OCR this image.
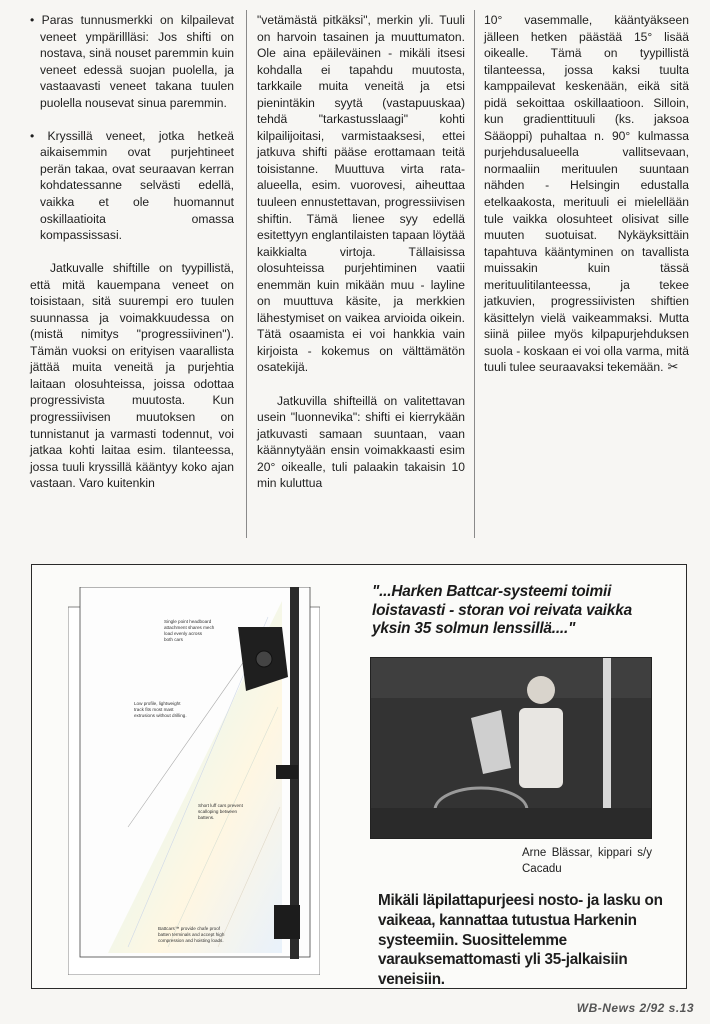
• Paras tunnusmerkki on kilpailevat veneet ympärillläsi: Jos shifti on nostava, sinä nouset paremmin kuin veneet edessä suojan puolella, ja vastaavasti veneet takana tuulen puolella nousevat sinua paremmin.

• Kryssillä veneet, jotka hetkeä aikaisemmin ovat purjehtineet perän takaa, ovat seuraavan kerran kohdatessanne selvästi edellä, vaikka et ole huomannut oskillaatioita omassa kompassissasi.

Jatkuvalle shiftille on tyypillistä, että mitä kauempana veneet on toisistaan, sitä suurempi ero tuulen suunnassa ja voimakkuudessa on (mistä nimitys "progressiivinen"). Tämän vuoksi on erityisen vaarallista jättää muita veneitä ja purjehtia laitaan olosuhteissa, joissa odottaa progressivista muutosta. Kun progressiivisen muutoksen on tunnistanut ja varmasti todennut, voi jatkaa kohti laitaa esim. tilanteessa, jossa tuuli kryssillä kääntyy koko ajan vastaan. Varo kuitenkin

"vetämästä pitkäksi", merkin yli. Tuuli on harvoin tasainen ja muuttumaton. Ole aina epäileväinen - mikäli itsesi kohdalla ei tapahdu muutosta, tarkkaile muita veneitä ja etsi pienintäkin syytä (vastapuuskaa) tehdä "tarkastusslaagi" kohti kilpailijoitasi, varmistaaksesi, ettei jatkuva shifti pääse erottamaan teitä toisistanne. Muuttuva virta rata-alueella, esim. vuorovesi, aiheuttaa tuuleen ennustettavan, progressiivisen shiftin. Tämä lienee syy edellä esitettyyn englantilaisten tapaan löytää kaikkialta virtoja. Tällaisissa olosuhteissa purjehtiminen vaatii enemmän kuin mikään muu - layline on muuttuva käsite, ja merkkien lähestymiset on vaikea arvioida oikein. Tätä osaamista ei voi hankkia vain kirjoista - kokemus on välttämätön osatekijä.

Jatkuvilla shifteillä on valitettavan usein "luonnevika": shifti ei kierrykään jatkuvasti samaan suuntaan, vaan käännytyään ensin voimakkaasti esim 20° oikealle, tuli palaakin takaisin 10 min kuluttua

10° vasemmalle, kääntyäkseen jälleen hetken päästää 15° lisää oikealle. Tämä on tyypillistä tilanteessa, jossa kaksi tuulta kamppailevat keskenään, eikä sitä pidä sekoittaa oskillaatioon. Silloin, kun gradienttituuli (ks. jaksoa Sääoppi) puhaltaa n. 90° kulmassa purjehdusalueella vallitsevaan, normaaliin merituulen suuntaan nähden - Helsingin edustalla etelkaakosta, merituuli ei mielellään tule vaikka olosuhteet olisivat sille muuten suotuisat. Nykäyksittäin tapahtuva kääntyminen on tavallista muissakin kuin tässä merituulitilanteessa, ja tekee jatkuvien, progressiivisten shiftien käsittelyn vielä vaikeammaksi. Mutta siinä piilee myös kilpapurjehduksen suola - koskaan ei voi olla varma, mitä tuuli tulee seuraavaksi tekemään. ✂

Single point headboard
attachment shares mech
load evenly across
both cars
Low profile, lightweight
track fits most mast
extrusions without drilling.
Short luff cars prevent
scalloping between
battens.
Battcars™ provide chafe proof
batten terminals and accept high
compression and hoisting loads.
"...Harken Battcar-systeemi toimii loistavasti - storan voi reivata vaikka yksin 35 solmun lenssillä...."
Arne Blässar, kippari s/y Cacadu
Mikäli läpilattapurjeesi nosto- ja lasku on vaikeaa, kannattaa tutustua Harkenin systeemiin. Suosittelemme varauksemattomasti yli 35-jalkaisiin veneisiin.
WB-News 2/92 s.13
